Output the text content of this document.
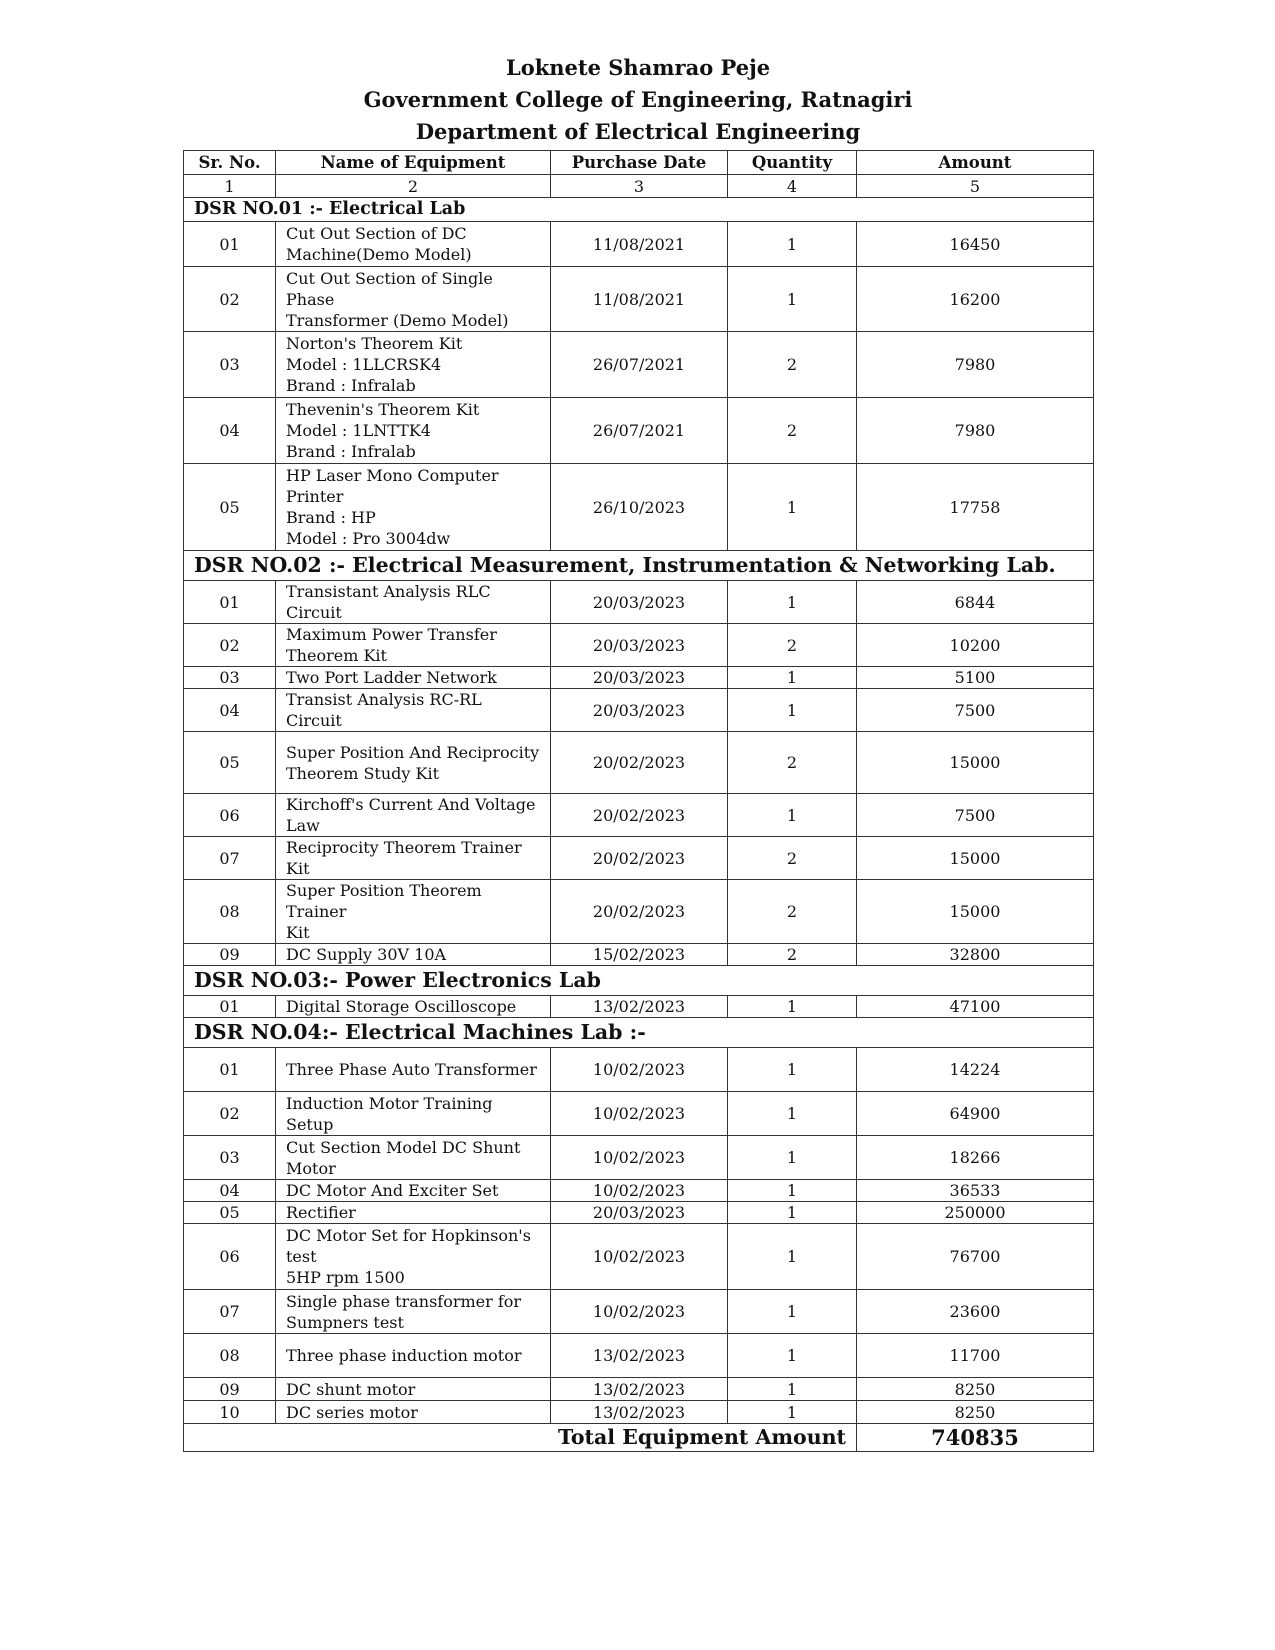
Loknete Shamrao Peje
Government College of Engineering, Ratnagiri
Department of Electrical Engineering
Sr. No.	Name of Equipment	Purchase Date	Quantity	Amount
1	2	3	4	5
DSR NO.01 :- Electrical Lab				
01	Cut Out Section of DC
Machine(Demo Model)	11/08/2021	1	16450
02	Cut Out Section of Single Phase
Transformer (Demo Model)	11/08/2021	1	16200
03	Norton's Theorem Kit
Model : 1LLCRSK4
Brand : Infralab	26/07/2021	2	7980
04	Thevenin's Theorem Kit
Model : 1LNTTK4
Brand : Infralab	26/07/2021	2	7980
05	HP Laser Mono Computer Printer
Brand : HP
Model : Pro 3004dw	26/10/2023	1	17758
DSR NO.02 :- Electrical Measurement, Instrumentation & Networking Lab.				
01	Transistant Analysis RLC Circuit	20/03/2023	1	6844
02	Maximum Power Transfer
Theorem Kit	20/03/2023	2	10200
03	Two Port Ladder Network	20/03/2023	1	5100
04	Transist Analysis RC-RL Circuit	20/03/2023	1	7500
05	Super Position And Reciprocity
Theorem Study Kit	20/02/2023	2	15000
06	Kirchoff's Current And Voltage Law	20/02/2023	1	7500
07	Reciprocity Theorem Trainer Kit	20/02/2023	2	15000
08	Super Position Theorem Trainer
Kit	20/02/2023	2	15000
09	DC Supply 30V 10A	15/02/2023	2	32800
DSR NO.03:- Power Electronics Lab				
01	Digital Storage Oscilloscope	13/02/2023	1	47100
DSR NO.04:- Electrical Machines Lab :-				
01	Three Phase Auto Transformer	10/02/2023	1	14224
02	Induction Motor Training Setup	10/02/2023	1	64900
03	Cut Section Model DC Shunt Motor	10/02/2023	1	18266
04	DC Motor And Exciter Set	10/02/2023	1	36533
05	Rectifier	20/03/2023	1	250000
06	DC Motor Set for Hopkinson's test
5HP rpm 1500	10/02/2023	1	76700
07	Single phase transformer for
Sumpners test	10/02/2023	1	23600
08	Three phase induction motor	13/02/2023	1	11700
09	DC shunt motor	13/02/2023	1	8250
10	DC series motor	13/02/2023	1	8250
Total Equipment Amount				740835
